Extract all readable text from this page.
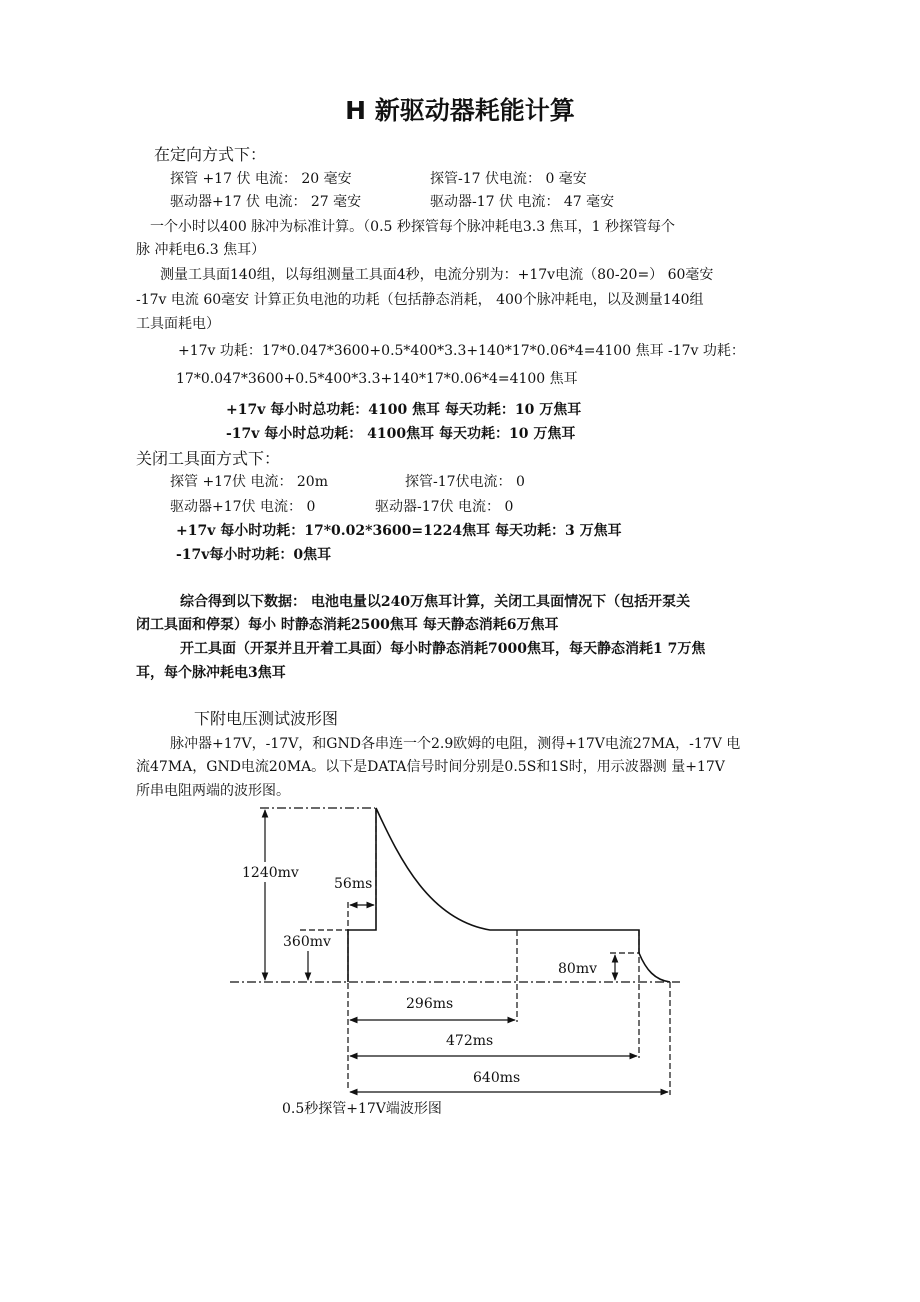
H 新驱动器耗能计算
在定向方式下：
探管 +17 伏 电流： 20 毫安	探管-17 伏电流： 0 毫安
驱动器+17 伏 电流： 27 毫安	驱动器-17 伏 电流： 47 毫安
一个小时以400 脉冲为标准计算。（0.5 秒探管每个脉冲耗电3.3 焦耳，1 秒探管每个
脉 冲耗电6.3 焦耳）
测量工具面140组，以每组测量工具面4秒，电流分别为：+17v电流（80-20=） 60毫安
-17v 电流 60毫安 计算正负电池的功耗（包括静态消耗， 400个脉冲耗电，以及测量140组
工具面耗电）
+17v 功耗：17*0.047*3600+0.5*400*3.3+140*17*0.06*4=4100 焦耳 -17v 功耗：
17*0.047*3600+0.5*400*3.3+140*17*0.06*4=4100 焦耳
+17v 每小时总功耗：4100 焦耳 每天功耗：10 万焦耳
-17v 每小时总功耗： 4100焦耳 每天功耗：10 万焦耳
关闭工具面方式下：
探管 +17伏 电流： 20m	探管-17伏电流： 0
驱动器+17伏 电流： 0	驱动器-17伏 电流： 0
+17v 每小时功耗：17*0.02*3600=1224焦耳 每天功耗：3 万焦耳
-17v每小时功耗：0焦耳
综合得到以下数据： 电池电量以240万焦耳计算，关闭工具面情况下（包括开泵关
闭工具面和停泵）每小 时静态消耗2500焦耳 每天静态消耗6万焦耳
开工具面（开泵并且开着工具面）每小时静态消耗7000焦耳，每天静态消耗1 7万焦
耳，每个脉冲耗电3焦耳
下附电压测试波形图
脉冲器+17V，-17V，和GND各串连一个2.9欧姆的电阻，测得+17V电流27MA，-17V 电
流47MA，GND电流20MA。以下是DATA信号时间分别是0.5S和1S时，用示波器测 量+17V
所串电阻两端的波形图。
1240mv
56ms
360mv
80mv
296ms
472ms
640ms
0.5秒探管+17V端波形图
